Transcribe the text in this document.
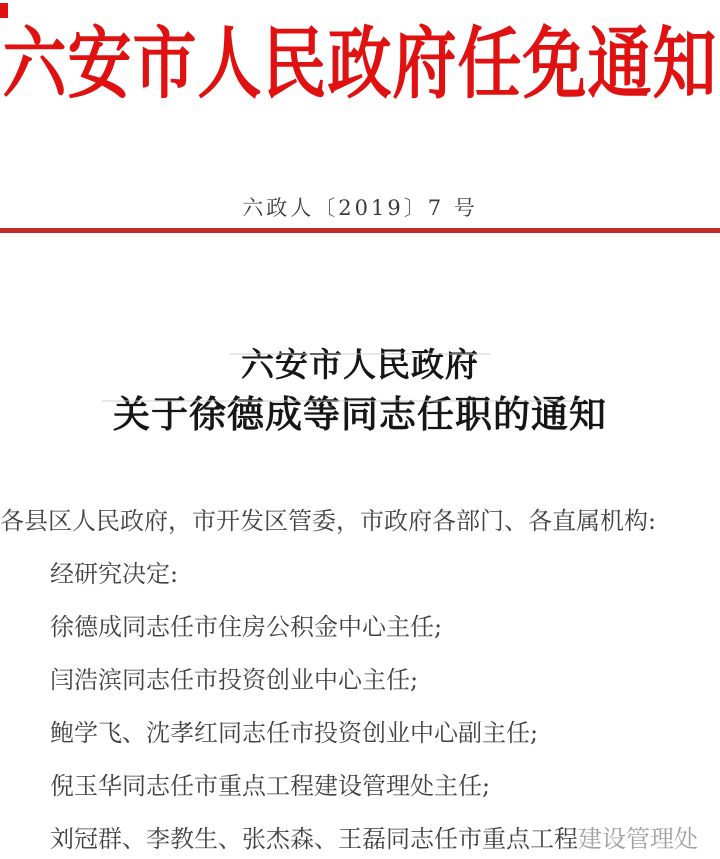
六安市人民政府任免通知
六政人〔2019〕7 号
六安市人民政府
关于徐德成等同志任职的通知

各县区人民政府，市开发区管委，市政府各部门、各直属机构:

经研究决定:

徐德成同志任市住房公积金中心主任;

闫浩滨同志任市投资创业中心主任;

鲍学飞、沈孝红同志任市投资创业中心副主任;

倪玉华同志任市重点工程建设管理处主任;

刘冠群、李教生、张杰森、王磊同志任市重点工程建设管理处
